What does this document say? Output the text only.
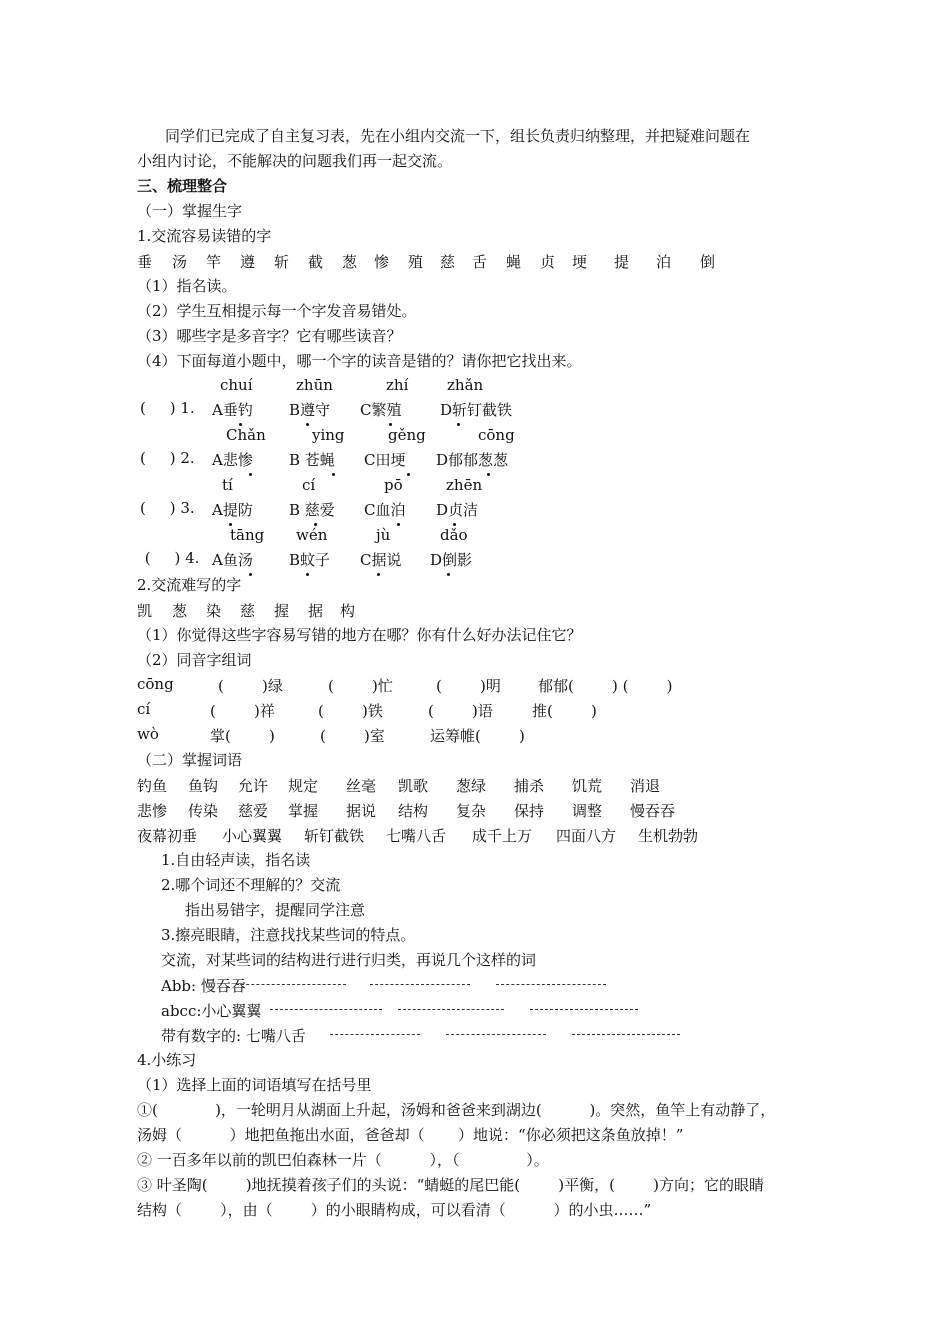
同学们已完成了自主复习表，先在小组内交流一下，组长负责归纳整理，并把疑难问题在
小组内讨论，不能解决的问题我们再一起交流。
三、梳理整合
（一）掌握生字
1.交流容易读错的字
垂 汤 竿 遵 斩 截 葱 惨 殖 慈 舌 蝇 贞 埂 提 泊 倒
（1）指名读。
（2）学生互相提示每一个字发音易错处。
（3）哪些字是多音字？它有哪些读音？
（4）下面每道小题中，哪一个字的读音是错的？请你把它找出来。
chuí	zhūn	zhí	zhǎn
(     ) 1. A垂钓 B遵守 C繁殖	D斩钉截铁
Chǎn	ying	gěng	cōng
(     ) 2. A悲惨 B 苍蝇 C田埂 D郁郁葱葱
tí	cí	pō	zhēn
(     ) 3. A提防 B 慈爱 C血泊 D贞洁
tāng wén	jù	dǎo
(     ) 4. A鱼汤 B蚊子 C据说 D倒影
2.交流难写的字
凯 葱 染 慈 握 据 构
（1）你觉得这些字容易写错的地方在哪？你有什么好办法记住它？
（2）同音字组词
cōng	(        )绿	(        )忙	(        )明 郁郁(        ) (        )
cí	(        )祥	(        )铁	(        )语	推(        )
wò	掌(        )	(        )室	运筹帷(        )
（二）掌握词语
钓鱼 鱼钩 允许 规定 丝毫 凯歌 葱绿 捕杀 饥荒 消退
悲惨 传染 慈爱 掌握 据说 结构 复杂 保持 调整 慢吞吞
夜幕初垂 小心翼翼 斩钉截铁 七嘴八舌 成千上万 四面八方 生机勃勃
1.自由轻声读，指名读
2.哪个词还不理解的？交流
指出易错字，提醒同学注意
3.擦亮眼睛，注意找找某些词的特点。
交流，对某些词的结构进行进行归类，再说几个这样的词
Abb: 慢吞吞
abcc:小心翼翼
带有数字的: 七嘴八舌
4.小练习
（1）选择上面的词语填写在括号里
①(            )，一轮明月从湖面上升起，汤姆和爸爸来到湖边(          )。突然，鱼竿上有动静了，
汤姆（          ）地把鱼拖出水面，爸爸却（       ）地说：“你必须把这条鱼放掉！”
② 一百多年以前的凯巴伯森林一片（          ），（              ）。
③ 叶圣陶(        )地抚摸着孩子们的头说：“蜻蜓的尾巴能(        )平衡，(        )方向；它的眼睛
结构（        ），由（        ）的小眼睛构成，可以看清（          ）的小虫……”
